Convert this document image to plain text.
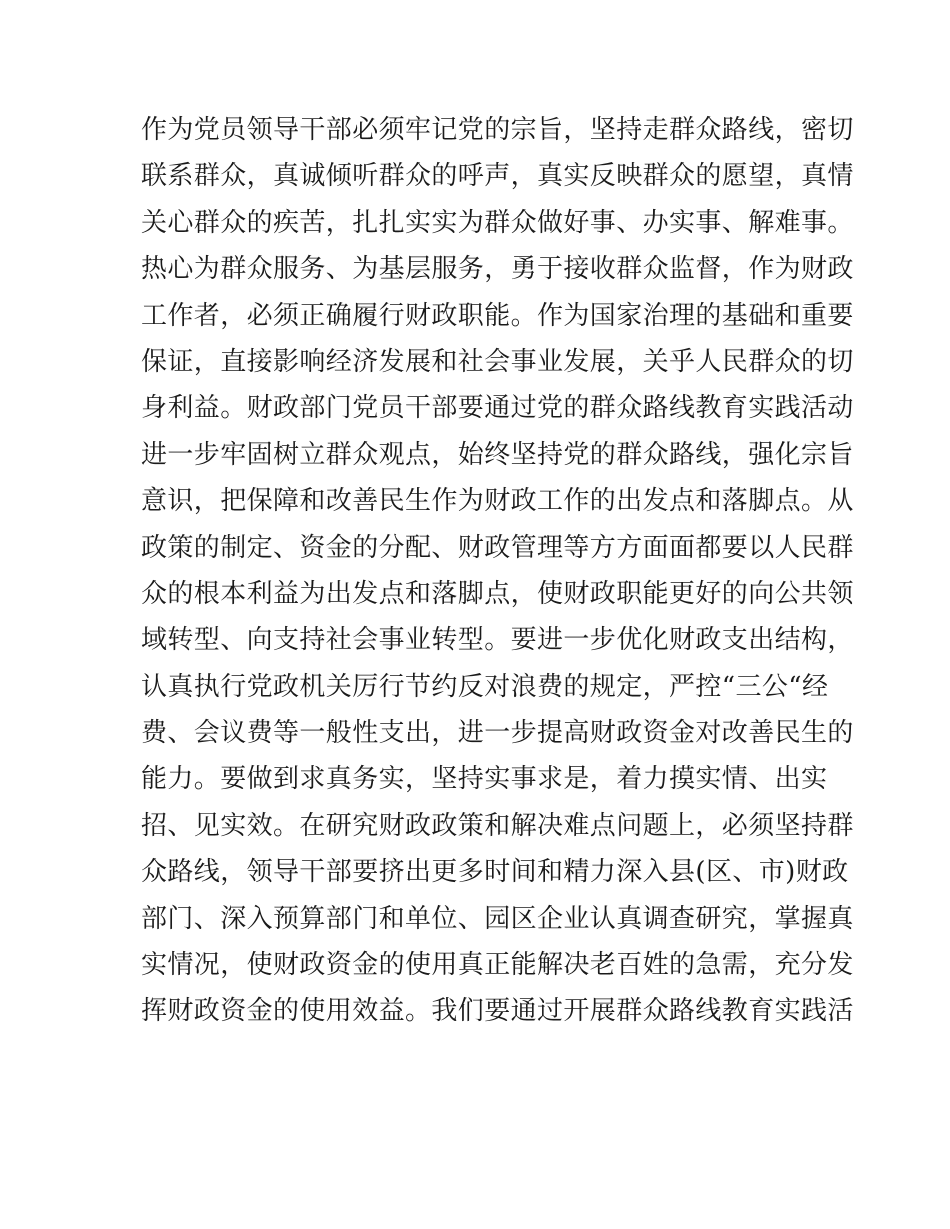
作为党员领导干部必须牢记党的宗旨，坚持走群众路线，密切
联系群众，真诚倾听群众的呼声，真实反映群众的愿望，真情
关心群众的疾苦，扎扎实实为群众做好事、办实事、解难事。
热心为群众服务、为基层服务，勇于接收群众监督，作为财政
工作者，必须正确履行财政职能。作为国家治理的基础和重要
保证，直接影响经济发展和社会事业发展，关乎人民群众的切
身利益。财政部门党员干部要通过党的群众路线教育实践活动
进一步牢固树立群众观点，始终坚持党的群众路线，强化宗旨
意识，把保障和改善民生作为财政工作的出发点和落脚点。从
政策的制定、资金的分配、财政管理等方方面面都要以人民群
众的根本利益为出发点和落脚点，使财政职能更好的向公共领
域转型、向支持社会事业转型。要进一步优化财政支出结构，
认真执行党政机关厉行节约反对浪费的规定，严控“三公“经
费、会议费等一般性支出，进一步提高财政资金对改善民生的
能力。要做到求真务实，坚持实事求是，着力摸实情、出实
招、见实效。在研究财政政策和解决难点问题上，必须坚持群
众路线，领导干部要挤出更多时间和精力深入县(区、市)财政
部门、深入预算部门和单位、园区企业认真调查研究，掌握真
实情况，使财政资金的使用真正能解决老百姓的急需，充分发
挥财政资金的使用效益。我们要通过开展群众路线教育实践活
